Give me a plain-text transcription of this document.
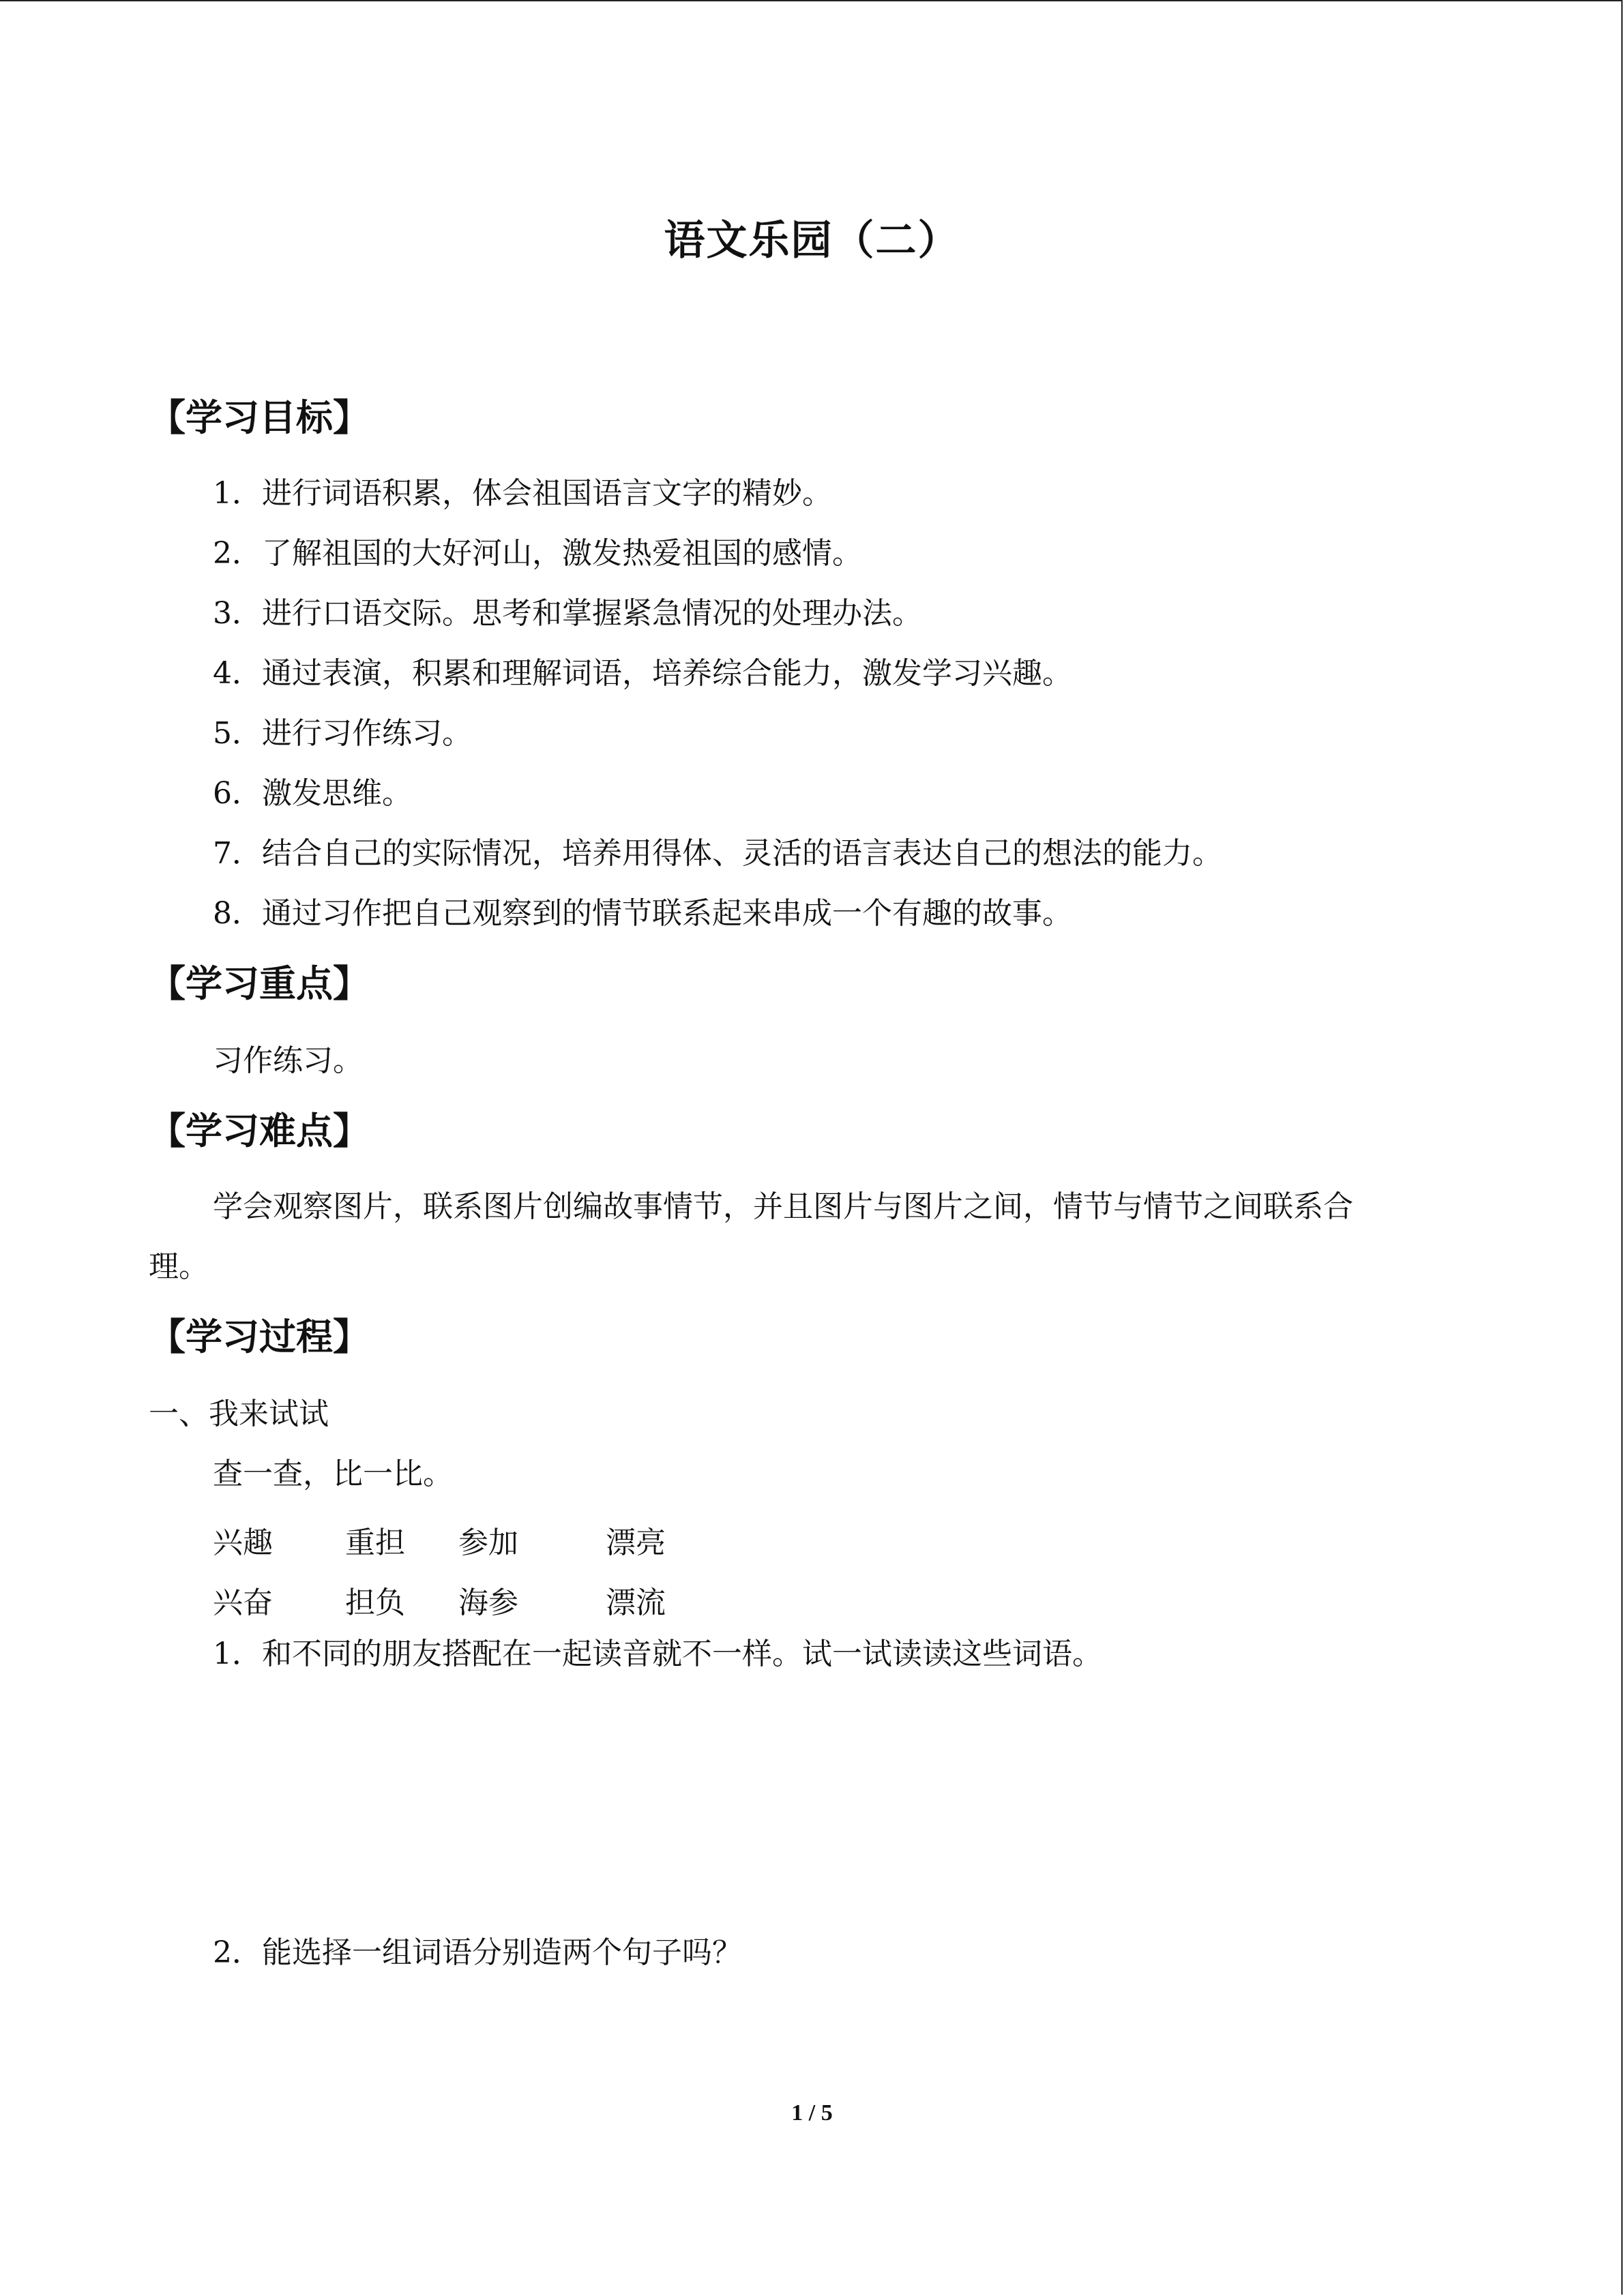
语文乐园（二）
【学习目标】
1．进行词语积累，体会祖国语言文字的精妙。
2．了解祖国的大好河山，激发热爱祖国的感情。
3．进行口语交际。思考和掌握紧急情况的处理办法。
4．通过表演，积累和理解词语，培养综合能力，激发学习兴趣。
5．进行习作练习。
6．激发思维。
7．结合自己的实际情况，培养用得体、灵活的语言表达自己的想法的能力。
8．通过习作把自己观察到的情节联系起来串成一个有趣的故事。
【学习重点】
习作练习。
【学习难点】
学会观察图片，联系图片创编故事情节，并且图片与图片之间，情节与情节之间联系合
理。
【学习过程】
一、我来试试
查一查，比一比。
兴趣 重担 参加	漂亮
兴奋 担负 海参	漂流
1．和不同的朋友搭配在一起读音就不一样。试一试读读这些词语。
2．能选择一组词语分别造两个句子吗？
1 / 5
